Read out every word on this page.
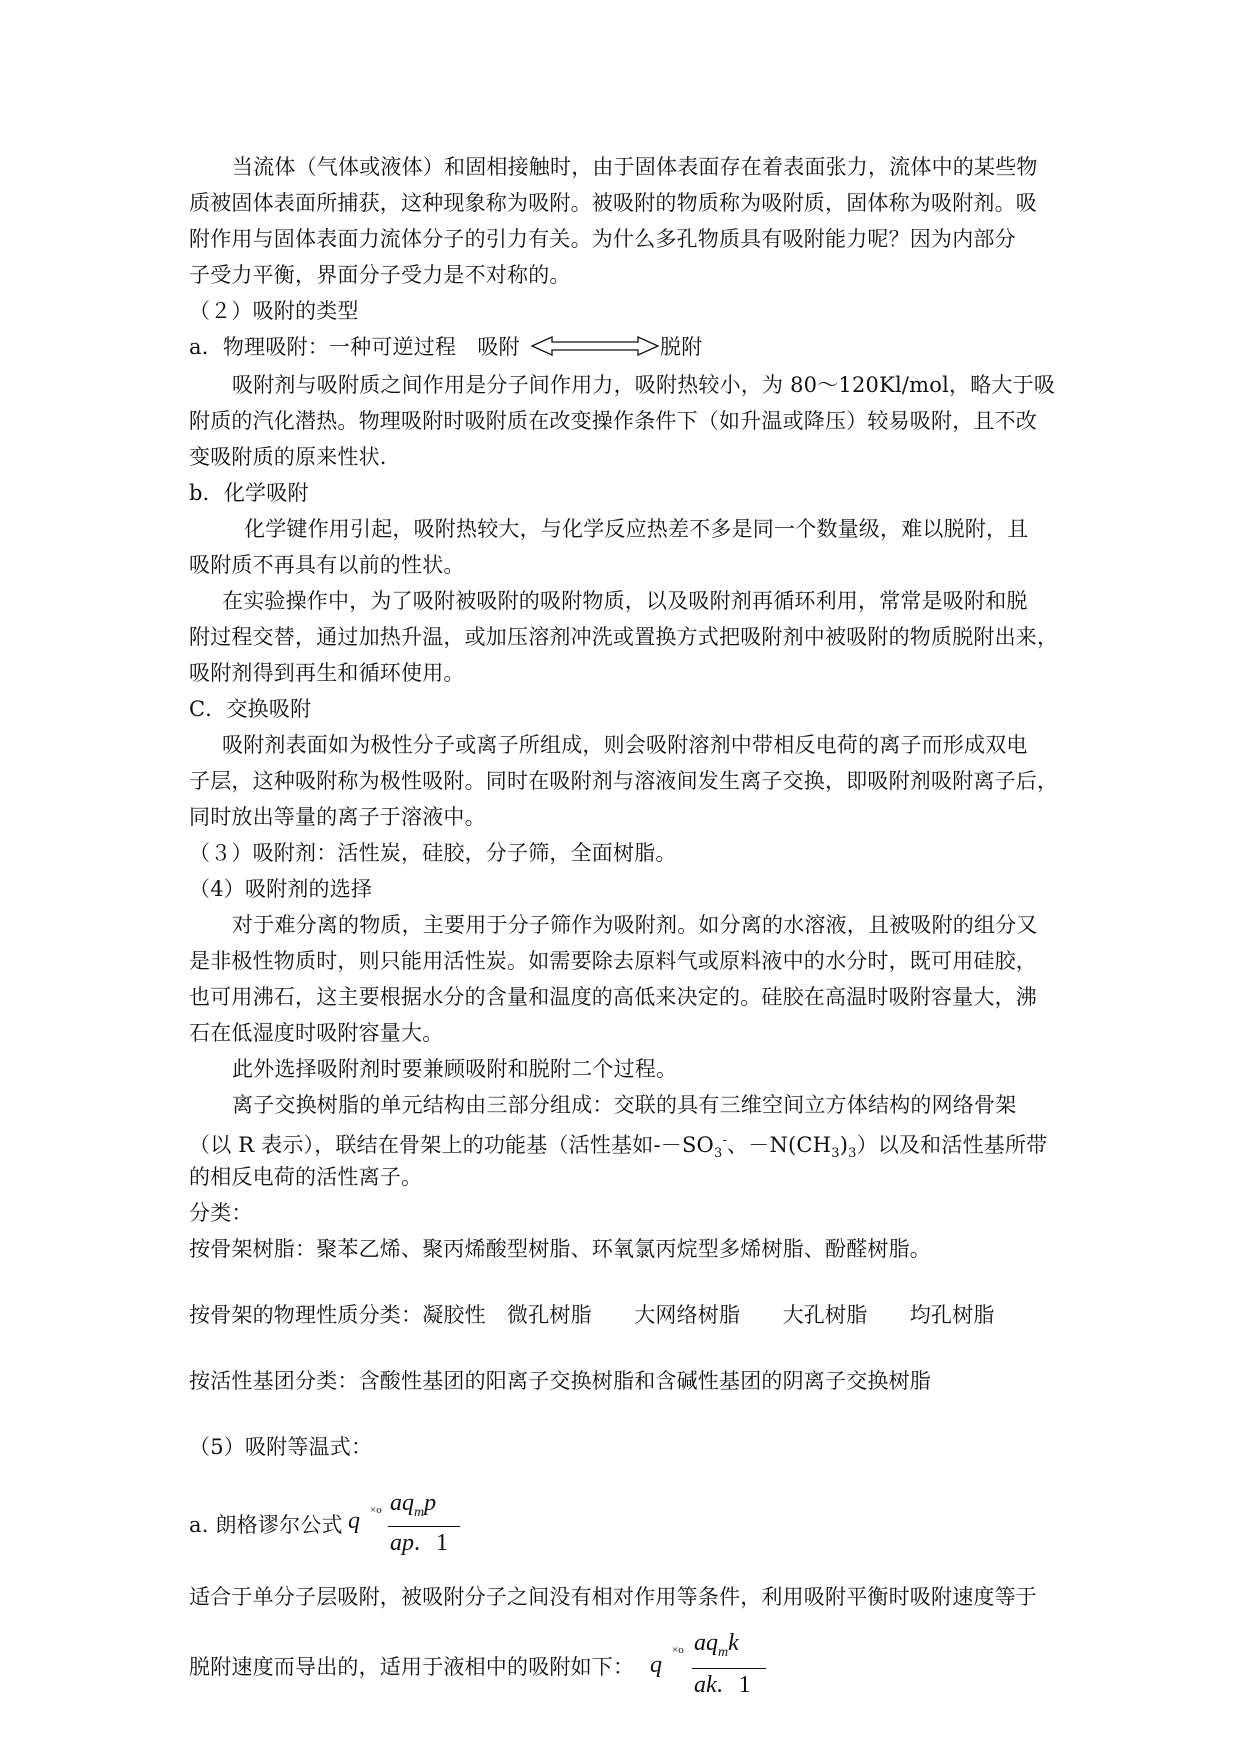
当流体（气体或液体）和固相接触时，由于固体表面存在着表面张力，流体中的某些物
质被固体表面所捕获，这种现象称为吸附。被吸附的物质称为吸附质，固体称为吸附剂。吸
附作用与固体表面力流体分子的引力有关。为什么多孔物质具有吸附能力呢？因为内部分
子受力平衡，界面分子受力是不对称的。
（２）吸附的类型
a．物理吸附：一种可逆过程　吸附	脱附
吸附剂与吸附质之间作用是分子间作用力，吸附热较小，为 80～120Kl/mol，略大于吸
附质的汽化潜热。物理吸附时吸附质在改变操作条件下（如升温或降压）较易吸附，且不改
变吸附质的原来性状.
b．化学吸附
化学键作用引起，吸附热较大，与化学反应热差不多是同一个数量级，难以脱附，且
吸附质不再具有以前的性状。
在实验操作中，为了吸附被吸附的吸附物质，以及吸附剂再循环利用，常常是吸附和脱
附过程交替，通过加热升温，或加压溶剂冲洗或置换方式把吸附剂中被吸附的物质脱附出来，
吸附剂得到再生和循环使用。
C．交换吸附
吸附剂表面如为极性分子或离子所组成，则会吸附溶剂中带相反电荷的离子而形成双电
子层，这种吸附称为极性吸附。同时在吸附剂与溶液间发生离子交换，即吸附剂吸附离子后，
同时放出等量的离子于溶液中。
（３）吸附剂：活性炭，硅胶，分子筛，全面树脂。
（4）吸附剂的选择
对于难分离的物质，主要用于分子筛作为吸附剂。如分离的水溶液，且被吸附的组分又
是非极性物质时，则只能用活性炭。如需要除去原料气或原料液中的水分时，既可用硅胶，
也可用沸石，这主要根据水分的含量和温度的高低来决定的。硅胶在高温时吸附容量大，沸
石在低湿度时吸附容量大。
此外选择吸附剂时要兼顾吸附和脱附二个过程。
离子交换树脂的单元结构由三部分组成：交联的具有三维空间立方体结构的网络骨架
（以 R 表示），联结在骨架上的功能基（活性基如$--SO_3^-$、$-N(CH_3)_3$）以及和活性基所带
的相反电荷的活性离子。
分类：
按骨架树脂：聚苯乙烯、聚丙烯酸型树脂、环氧氯丙烷型多烯树脂、酚醛树脂。
按骨架的物理性质分类：凝胶性　微孔树脂　　大网络树脂　　大孔树脂　　均孔树脂
按活性基团分类：含酸性基团的阳离子交换树脂和含碱性基团的阴离子交换树脂
（5）吸附等温式：
a. 朗格谬尔公式 q ×o $aq_mp$
ap. 1
适合于单分子层吸附，被吸附分子之间没有相对作用等条件，利用吸附平衡时吸附速度等于
脱附速度而导出的，适用于液相中的吸附如下： q
×o $aq_mk$
ak. 1
